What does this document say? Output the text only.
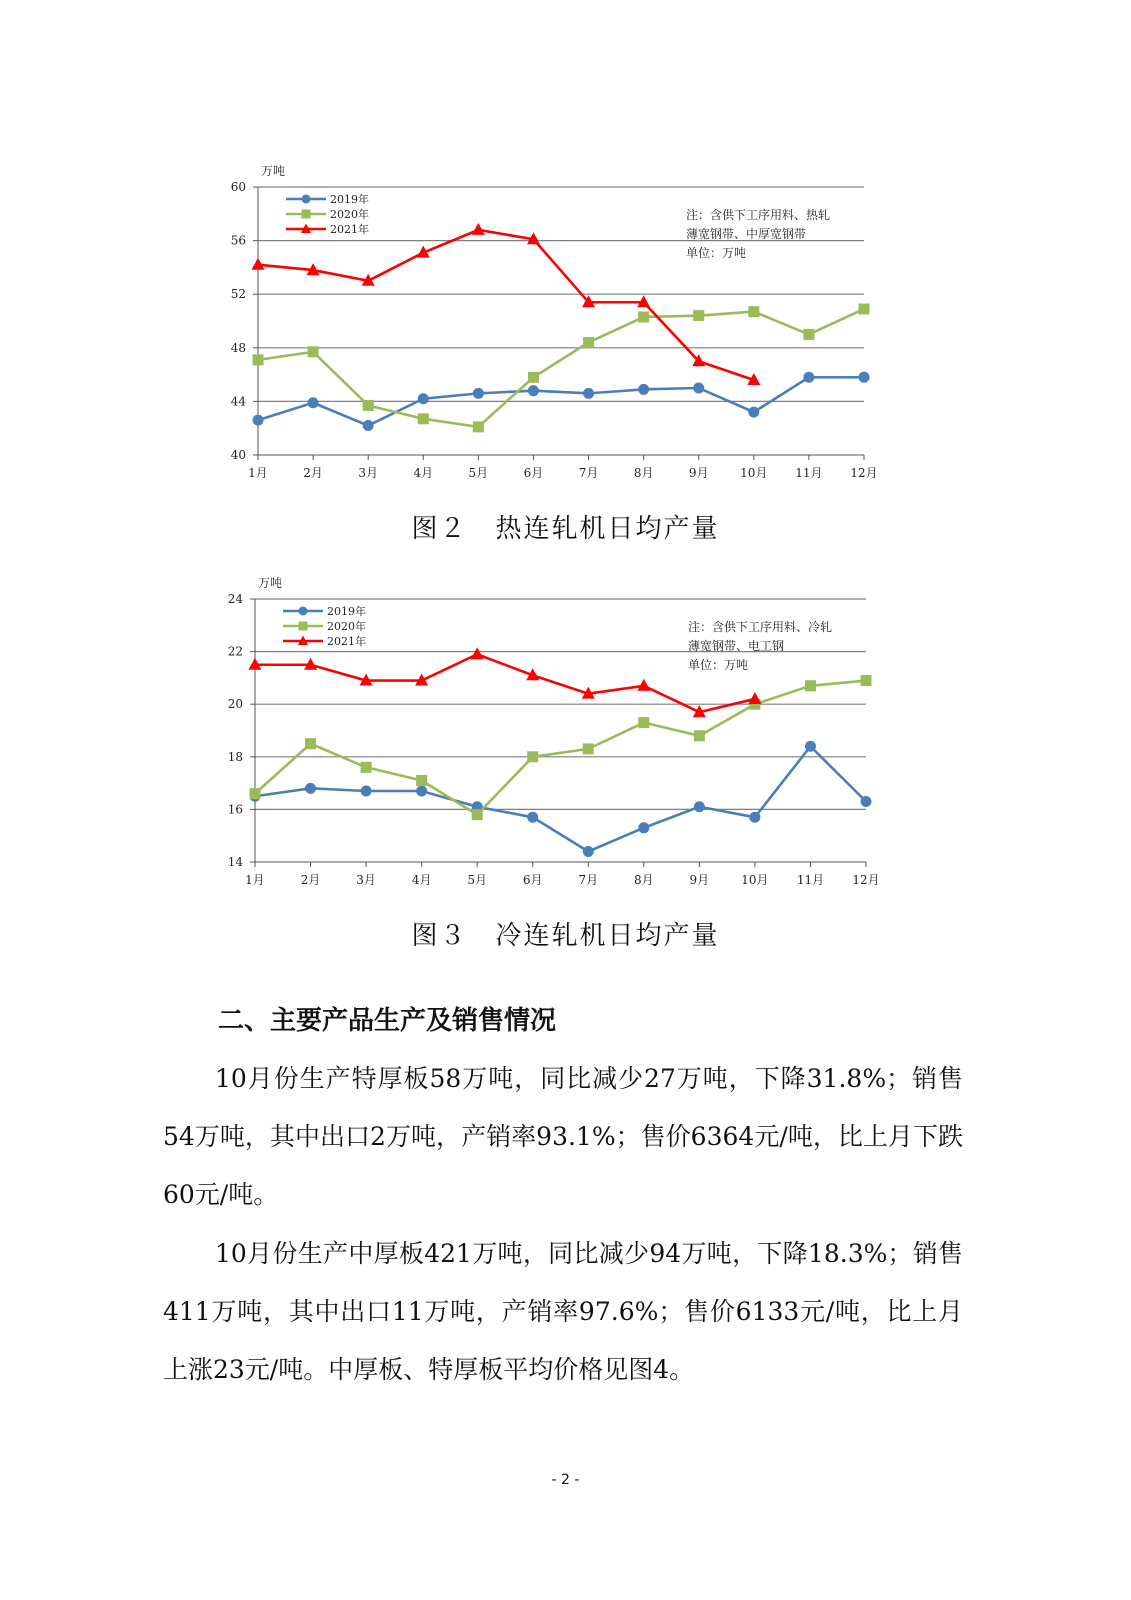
40
44
48
52
56
60
1月	2月	3月	4月	5月	6月	7月	8月	9月	10月 11月 12月
万吨
2019年
2020年
2021年
注：含供下工序用料、热轧
薄宽钢带、中厚宽钢带
单位：万吨
图２　热连轧机日均产量
14
16
18
20
22
24
1月	2月	3月	4月	5月	6月	7月	8月	9月	10月 11月 12月
万吨
2019年
2020年
2021年
注：含供下工序用料、冷轧
薄宽钢带、电工钢
单位：万吨
图３　冷连轧机日均产量
二、主要产品生产及销售情况
10月份生产特厚板58万吨，同比减少27万吨，下降31.8%；销售54万吨，其中出口2万吨，产销率93.1%；售价6364元/吨，比上月下跌60元/吨。
10月份生产中厚板421万吨，同比减少94万吨，下降18.3%；销售411万吨，其中出口11万吨，产销率97.6%；售价6133元/吨，比上月上涨23元/吨。中厚板、特厚板平均价格见图4。
- 2 -
